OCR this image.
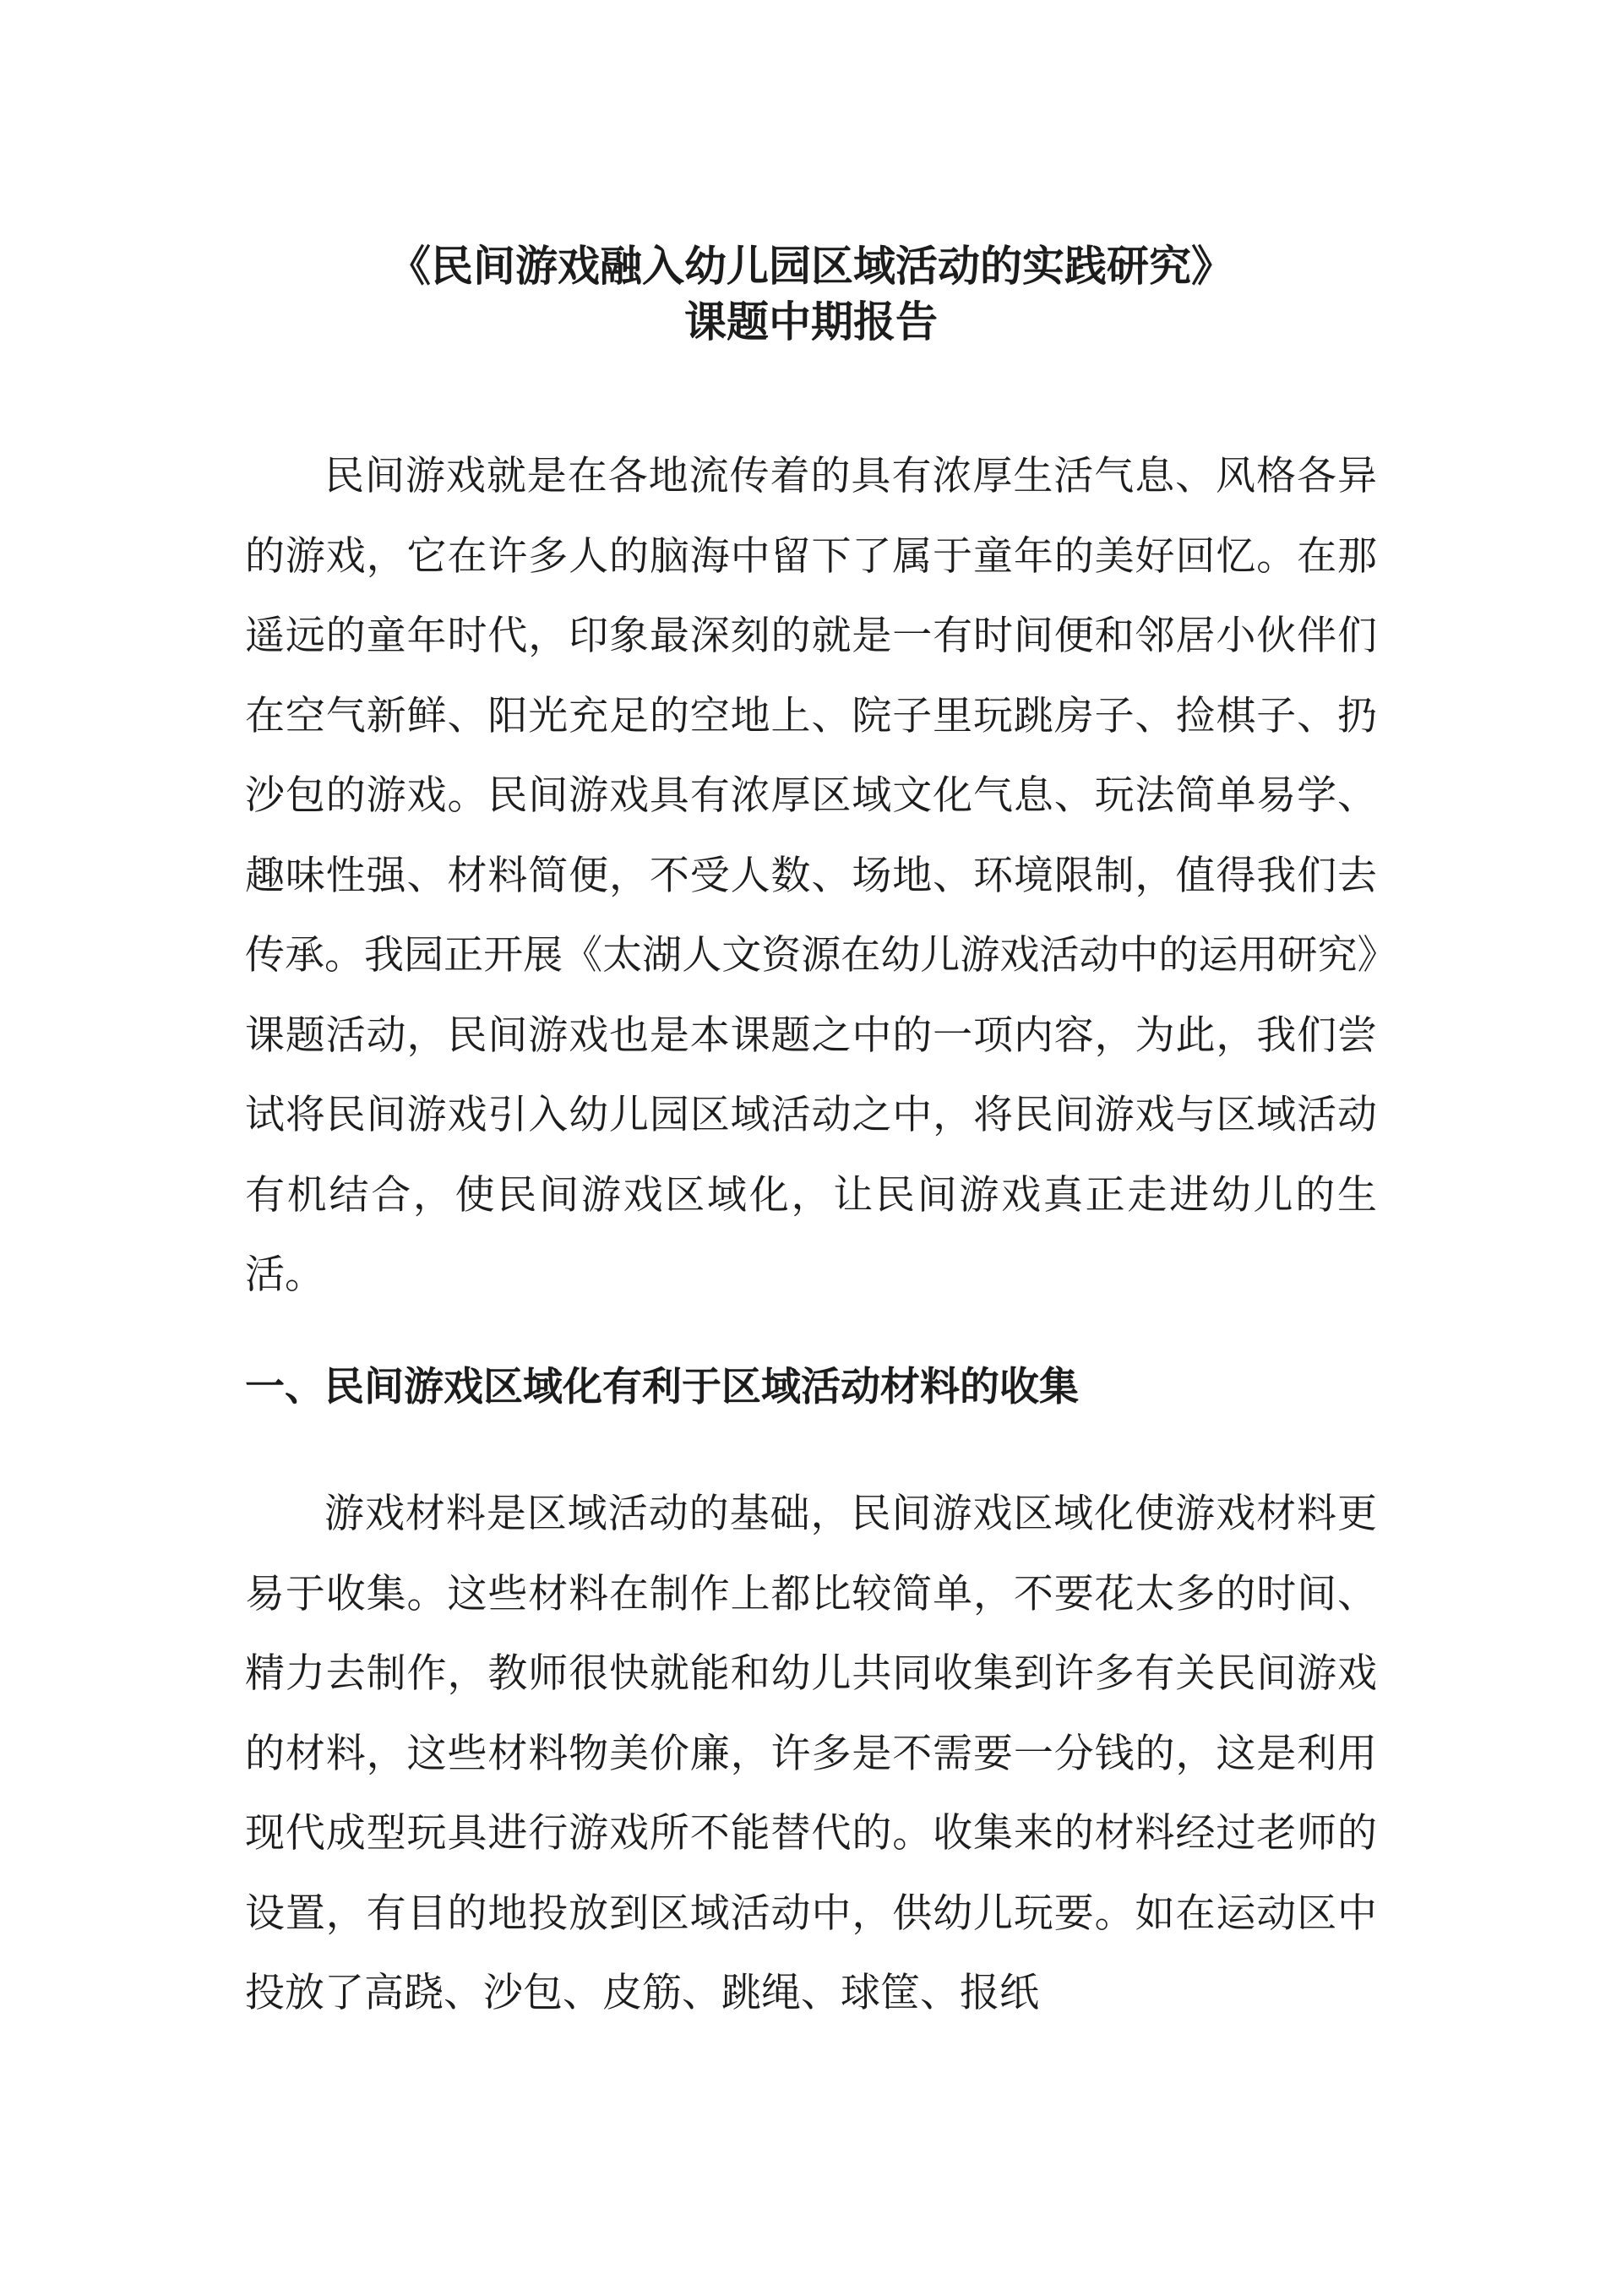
《民间游戏融入幼儿园区域活动的实践研究》
课题中期报告

民间游戏就是在各地流传着的具有浓厚生活气息、风格各异的游戏，它在许多人的脑海中留下了属于童年的美好回忆。在那遥远的童年时代，印象最深刻的就是一有时间便和邻居小伙伴们在空气新鲜、阳光充足的空地上、院子里玩跳房子、捡棋子、扔沙包的游戏。民间游戏具有浓厚区域文化气息、玩法简单易学、趣味性强、材料简便，不受人数、场地、环境限制，值得我们去传承。我园正开展《太湖人文资源在幼儿游戏活动中的运用研究》课题活动，民间游戏也是本课题之中的一项内容，为此，我们尝试将民间游戏引入幼儿园区域活动之中，将民间游戏与区域活动有机结合，使民间游戏区域化，让民间游戏真正走进幼儿的生活。

一、民间游戏区域化有利于区域活动材料的收集

游戏材料是区域活动的基础，民间游戏区域化使游戏材料更易于收集。这些材料在制作上都比较简单，不要花太多的时间、精力去制作，教师很快就能和幼儿共同收集到许多有关民间游戏的材料，这些材料物美价廉，许多是不需要一分钱的，这是利用现代成型玩具进行游戏所不能替代的。收集来的材料经过老师的设置，有目的地投放到区域活动中，供幼儿玩要。如在运动区中投放了高跷、沙包、皮筋、跳绳、球筐、报纸
